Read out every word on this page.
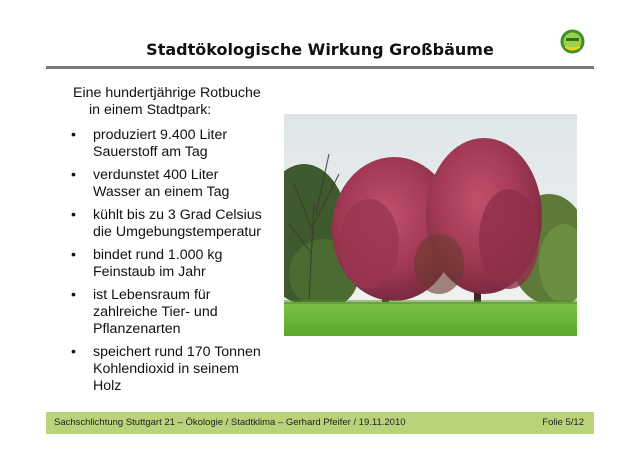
Stadtökologische Wirkung Großbäume
Eine hundertjährige Rotbuche
in einem Stadtpark:
• produziert 9.400 Liter
Sauerstoff am Tag
• verdunstet 400 Liter
Wasser an einem Tag
• kühlt bis zu 3 Grad Celsius
die Umgebungstemperatur
• bindet rund 1.000 kg
Feinstaub im Jahr
• ist Lebensraum für
zahlreiche Tier- und
Pflanzenarten
• speichert rund 170 Tonnen
Kohlendioxid in seinem
Holz
Sachschlichtung Stuttgart 21 – Ökologie / Stadtklima – Gerhard Pfeifer / 19.11.2010	Folie 5/12
